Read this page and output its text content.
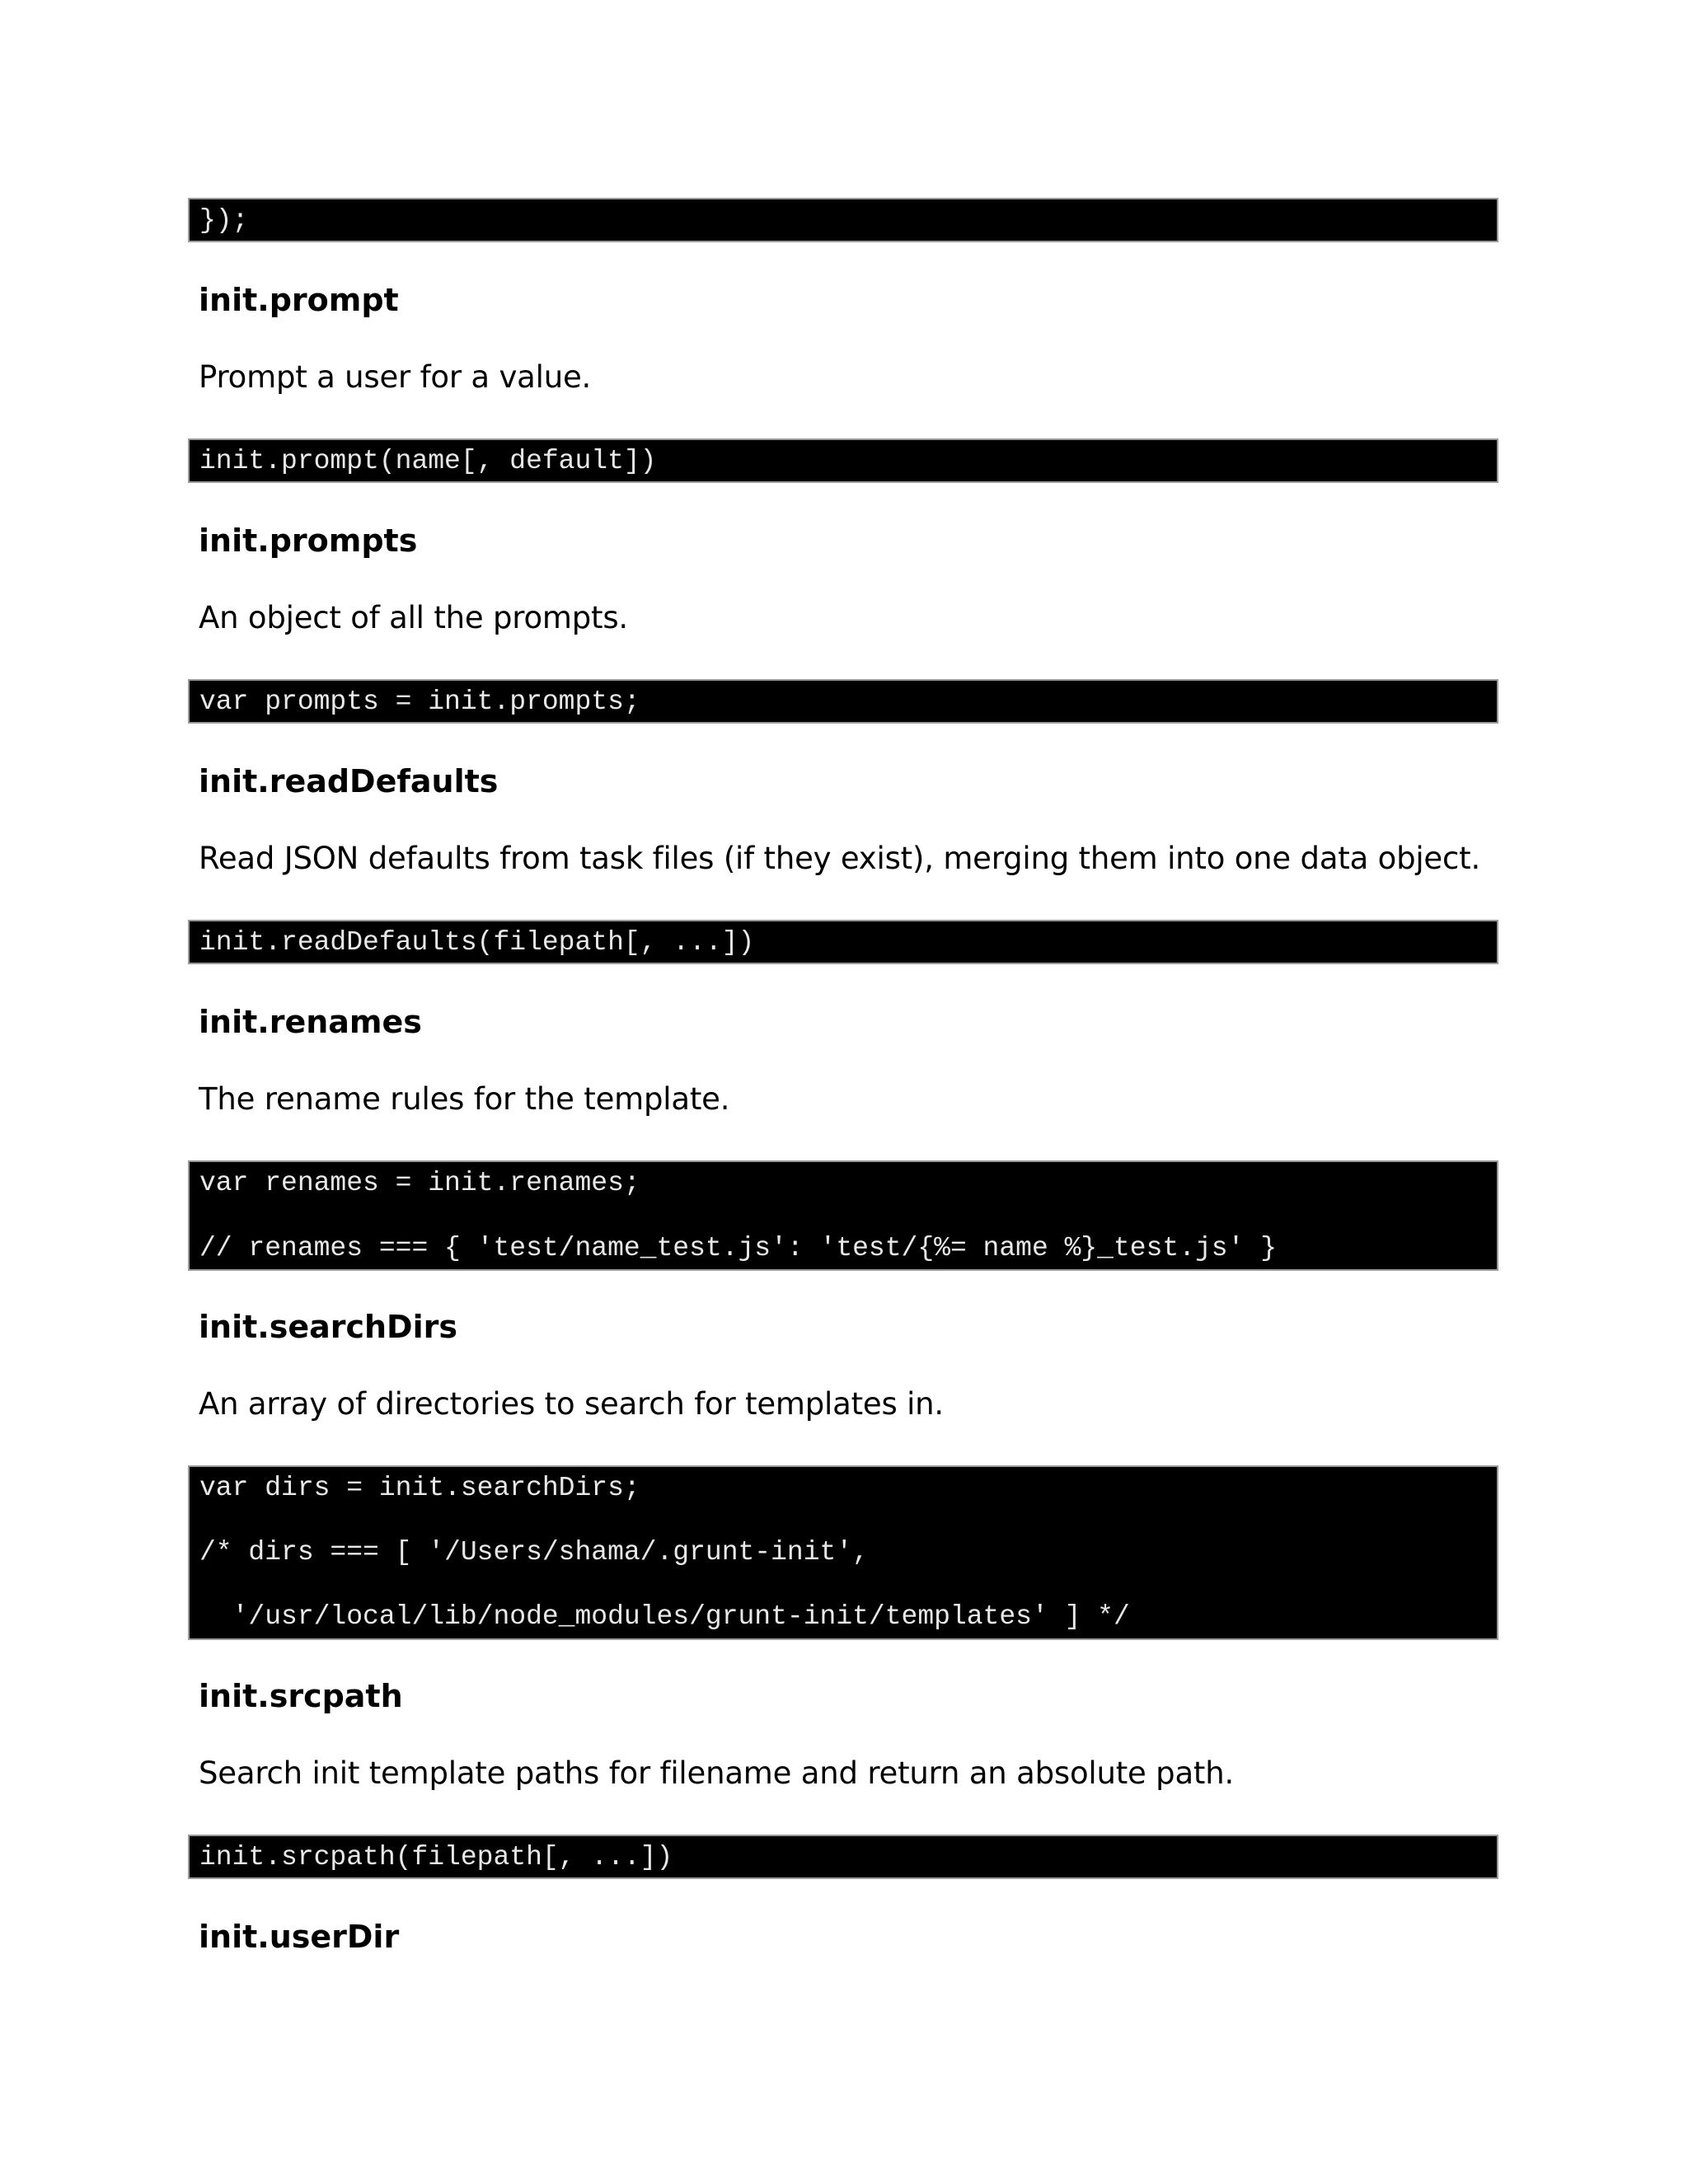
});

init.prompt
Prompt a user for a value.

init.prompt(name[, default])

init.prompts
An object of all the prompts.

var prompts = init.prompts;

init.readDefaults
Read JSON defaults from task files (if they exist), merging them into one data object.

init.readDefaults(filepath[, ...])

init.renames
The rename rules for the template.

var renames = init.renames;

// renames === { 'test/name_test.js': 'test/{%= name %}_test.js' }

init.searchDirs
An array of directories to search for templates in.

var dirs = init.searchDirs;

/* dirs === [ '/Users/shama/.grunt-init',

'/usr/local/lib/node_modules/grunt-init/templates' ] */

init.srcpath
Search init template paths for filename and return an absolute path.

init.srcpath(filepath[, ...])

init.userDir
